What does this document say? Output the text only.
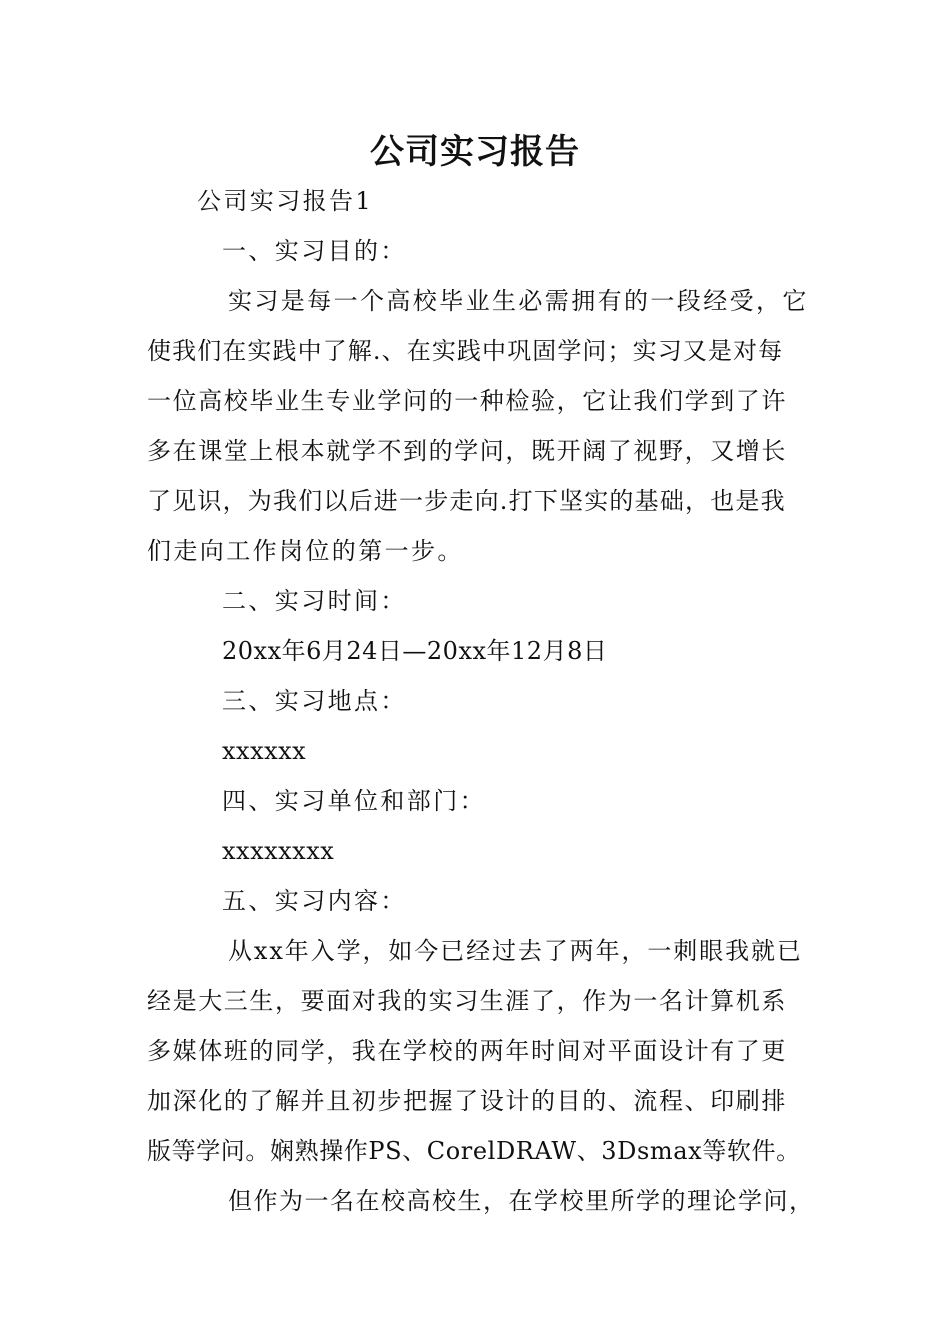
公司实习报告
公司实习报告1
一、实习目的：
实习是每一个高校毕业生必需拥有的一段经受，它
使我们在实践中了解.、在实践中巩固学问；实习又是对每
一位高校毕业生专业学问的一种检验，它让我们学到了许
多在课堂上根本就学不到的学问，既开阔了视野，又增长
了见识，为我们以后进一步走向.打下坚实的基础，也是我
们走向工作岗位的第一步。
二、实习时间：
20xx年6月24日—20xx年12月8日
三、实习地点：
xxxxxx
四、实习单位和部门：
xxxxxxxx
五、实习内容：
从xx年入学，如今已经过去了两年，一刺眼我就已
经是大三生，要面对我的实习生涯了，作为一名计算机系
多媒体班的同学，我在学校的两年时间对平面设计有了更
加深化的了解并且初步把握了设计的目的、流程、印刷排
版等学问。娴熟操作PS、CorelDRAW、3Dsmax等软件。
但作为一名在校高校生，在学校里所学的理论学问，
